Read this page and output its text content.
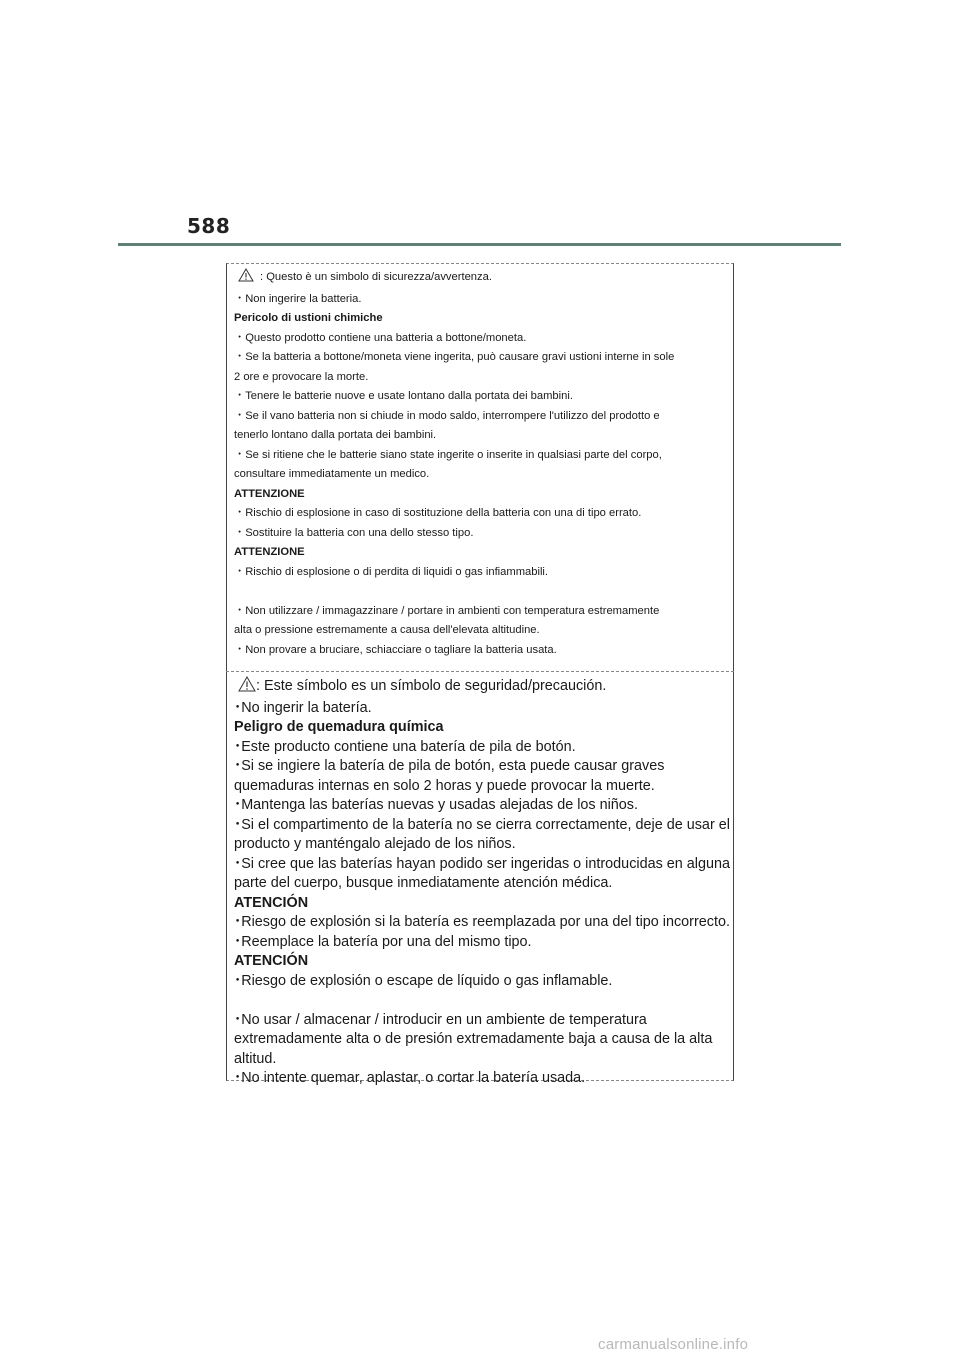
588
: Questo è un simbolo di sicurezza/avvertenza.
・Non ingerire la batteria.
Pericolo di ustioni chimiche
・Questo prodotto contiene una batteria a bottone/moneta.
・Se la batteria a bottone/moneta viene ingerita, può causare gravi ustioni interne in sole
2 ore e provocare la morte.
・Tenere le batterie nuove e usate lontano dalla portata dei bambini.
・Se il vano batteria non si chiude in modo saldo, interrompere l'utilizzo del prodotto e
tenerlo lontano dalla portata dei bambini.
・Se si ritiene che le batterie siano state ingerite o inserite in qualsiasi parte del corpo,
consultare immediatamente un medico.
ATTENZIONE
・Rischio di esplosione in caso di sostituzione della batteria con una di tipo errato.
・Sostituire la batteria con una dello stesso tipo.
ATTENZIONE
・Rischio di esplosione o di perdita di liquidi o gas infiammabili.
・Non utilizzare / immagazzinare / portare in ambienti con temperatura estremamente
alta o pressione estremamente a causa dell'elevata altitudine.
・Non provare a bruciare, schiacciare o tagliare la batteria usata.
: Este símbolo es un símbolo de seguridad/precaución.
･No ingerir la batería.
Peligro de quemadura química
･Este producto contiene una batería de pila de botón.
･Si se ingiere la batería de pila de botón, esta puede causar graves
quemaduras internas en solo 2 horas y puede provocar la muerte.
･Mantenga las baterías nuevas y usadas alejadas de los niños.
･Si el compartimento de la batería no se cierra correctamente, deje de usar el
producto y manténgalo alejado de los niños.
･Si cree que las baterías hayan podido ser ingeridas o introducidas en alguna
parte del cuerpo, busque inmediatamente atención médica.
ATENCIÓN
･Riesgo de explosión si la batería es reemplazada por una del tipo incorrecto.
･Reemplace la batería por una del mismo tipo.
ATENCIÓN
･Riesgo de explosión o escape de líquido o gas inflamable.
･No usar / almacenar / introducir en un ambiente de temperatura
extremadamente alta o de presión extremadamente baja a causa de la alta
altitud.
･No intente quemar, aplastar, o cortar la batería usada.
carmanualsonline.info
